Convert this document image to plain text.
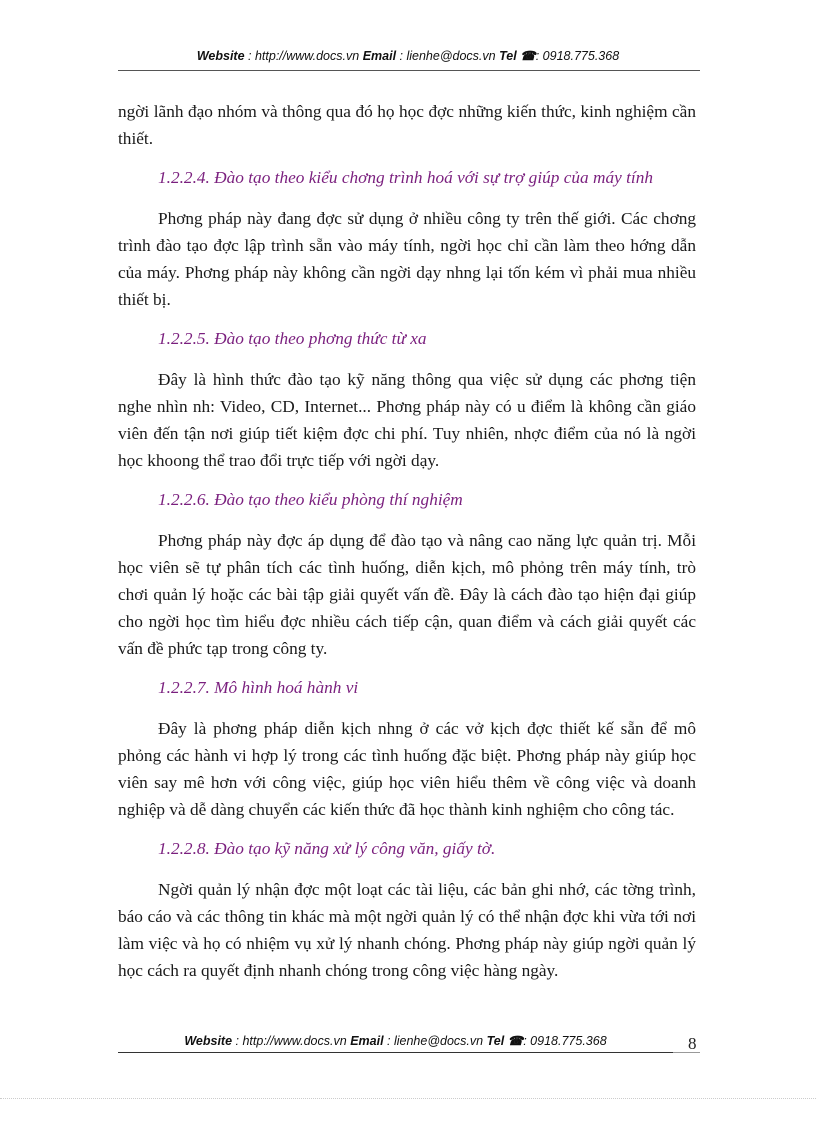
Website : http://www.docs.vn Email : lienhe@docs.vn Tel ☎: 0918.775.368

ngời lãnh đạo nhóm và thông qua đó họ học đợc những kiến thức, kinh nghiệm cần thiết.

1.2.2.4. Đào tạo theo kiểu chơng trình hoá với sự trợ giúp của máy tính

Phơng pháp này đang đợc sử dụng ở nhiều công ty trên thế giới. Các chơng trình đào tạo đợc lập trình sẵn vào máy tính, ngời học chỉ cần làm theo hớng dẫn của máy. Phơng pháp này không cần ngời dạy nhng lại tốn kém vì phải mua nhiều thiết bị.

1.2.2.5. Đào tạo theo phơng thức từ xa

Đây là hình thức đào tạo kỹ năng thông qua việc sử dụng các phơng tiện nghe nhìn nh: Video, CD, Internet... Phơng pháp này có u điểm là không cần giáo viên đến tận nơi giúp tiết kiệm đợc chi phí. Tuy nhiên, nhợc điểm của nó là ngời học khoong thể trao đổi trực tiếp với ngời dạy.

1.2.2.6. Đào tạo theo kiểu phòng thí nghiệm

Phơng pháp này đợc áp dụng để đào tạo và nâng cao năng lực quản trị. Mỗi học viên sẽ tự phân tích các tình huống, diễn kịch, mô phỏng trên máy tính, trò chơi quản lý hoặc các bài tập giải quyết vấn đề. Đây là cách đào tạo hiện đại giúp cho ngời học tìm hiểu đợc nhiều cách tiếp cận, quan điểm và cách giải quyết các vấn đề phức tạp trong công ty.

1.2.2.7. Mô hình hoá hành vi

Đây là phơng pháp diễn kịch nhng ở các vở kịch đợc thiết kế sẵn để mô phỏng các hành vi hợp lý trong các tình huống đặc biệt. Phơng pháp này giúp học viên say mê hơn với công việc, giúp học viên hiểu thêm về công việc và doanh nghiệp và dễ dàng chuyển các kiến thức đã học thành kinh nghiệm cho công tác.

1.2.2.8. Đào tạo kỹ năng xử lý công văn, giấy tờ.

Ngời quản lý nhận đợc một loạt các tài liệu, các bản ghi nhớ, các tờng trình, báo cáo và các thông tin khác mà một ngời quản lý có thể nhận đợc khi vừa tới nơi làm việc và họ có nhiệm vụ xử lý nhanh chóng. Phơng pháp này giúp ngời quản lý học cách ra quyết định nhanh chóng trong công việc hàng ngày.

Website : http://www.docs.vn Email : lienhe@docs.vn Tel ☎: 0918.775.368	8
